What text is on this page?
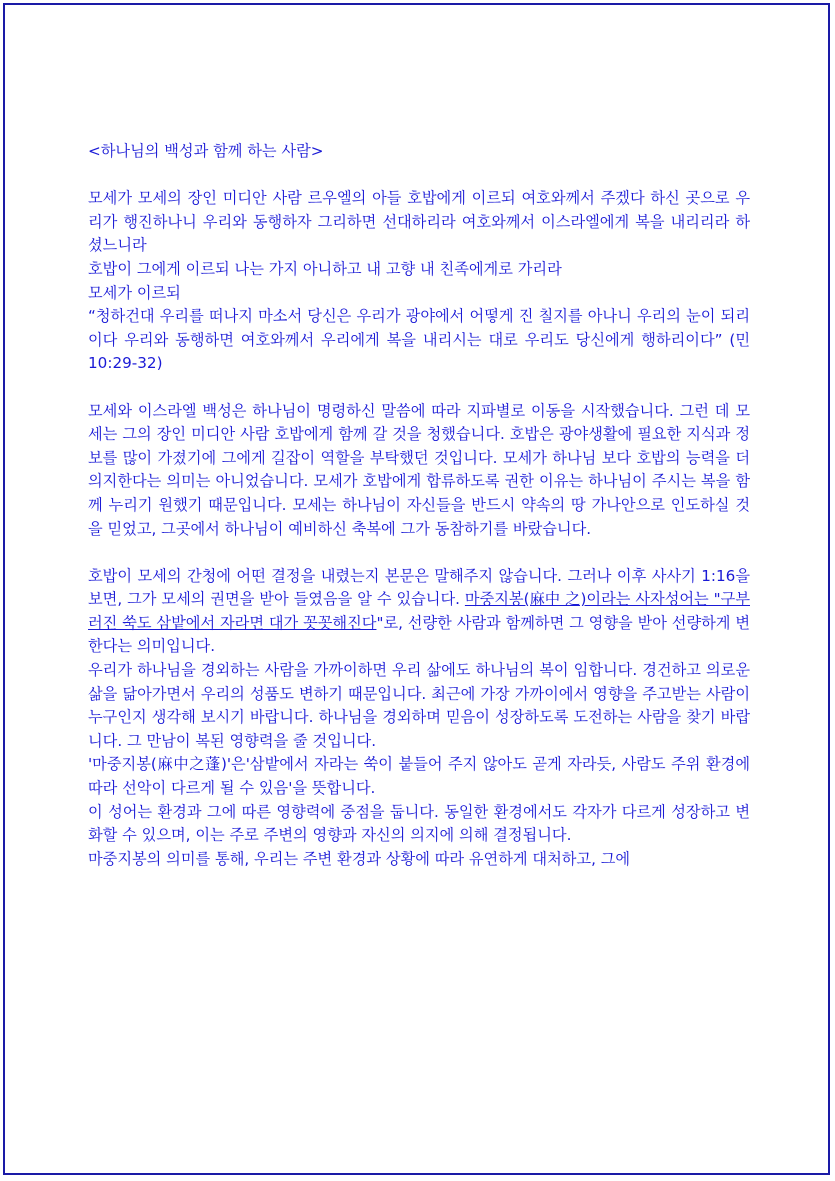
<하나님의 백성과 함께 하는 사람>

모세가 모세의 장인 미디안 사람 르우엘의 아들 호밥에게 이르되 여호와께서 주겠다 하신 곳으로 우리가 행진하나니 우리와 동행하자 그리하면 선대하리라 여호와께서 이스라엘에게 복을 내리리라 하셨느니라

호밥이 그에게 이르되 나는 가지 아니하고 내 고향 내 친족에게로 가리라

모세가 이르되

“청하건대 우리를 떠나지 마소서 당신은 우리가 광야에서 어떻게 진 칠지를 아나니 우리의 눈이 되리이다 우리와 동행하면 여호와께서 우리에게 복을 내리시는 대로 우리도 당신에게 행하리이다” (민10:29-32)

모세와 이스라엘 백성은 하나님이 명령하신 말씀에 따라 지파별로 이동을 시작했습니다. 그런 데 모세는 그의 장인 미디안 사람 호밥에게 함께 갈 것을 청했습니다. 호밥은 광야생활에 필요한 지식과 정보를 많이 가졌기에 그에게 길잡이 역할을 부탁했던 것입니다. 모세가 하나님 보다 호밥의 능력을 더 의지한다는 의미는 아니었습니다. 모세가 호밥에게 합류하도록 권한 이유는 하나님이 주시는 복을 함께 누리기 원했기 때문입니다. 모세는 하나님이 자신들을 반드시 약속의 땅 가나안으로 인도하실 것을 믿었고, 그곳에서 하나님이 예비하신 축복에 그가 동참하기를 바랐습니다.

호밥이 모세의 간청에 어떤 결정을 내렸는지 본문은 말해주지 않습니다. 그러나 이후 사사기 1:16을 보면, 그가 모세의 권면을 받아 들였음을 알 수 있습니다. 마중지봉(麻中 之)이라는 사자성어는 "구부러진 쑥도 삼밭에서 자라면 대가 꼿꼿해진다"로, 선량한 사람과 함께하면 그 영향을 받아 선량하게 변한다는 의미입니다.

우리가 하나님을 경외하는 사람을 가까이하면 우리 삶에도 하나님의 복이 임합니다. 경건하고 의로운 삶을 닮아가면서 우리의 성품도 변하기 때문입니다. 최근에 가장 가까이에서 영향을 주고받는 사람이 누구인지 생각해 보시기 바랍니다. 하나님을 경외하며 믿음이 성장하도록 도전하는 사람을 찾기 바랍니다. 그 만남이 복된 영향력을 줄 것입니다.

'마중지봉(麻中之蓬)'은'삼밭에서 자라는 쑥이 붙들어 주지 않아도 곧게 자라듯, 사람도 주위 환경에 따라 선악이 다르게 될 수 있음'을 뜻합니다.

이 성어는 환경과 그에 따른 영향력에 중점을 둡니다. 동일한 환경에서도 각자가 다르게 성장하고 변화할 수 있으며, 이는 주로 주변의 영향과 자신의 의지에 의해 결정됩니다.

마중지봉의 의미를 통해, 우리는 주변 환경과 상황에 따라 유연하게 대처하고, 그에
